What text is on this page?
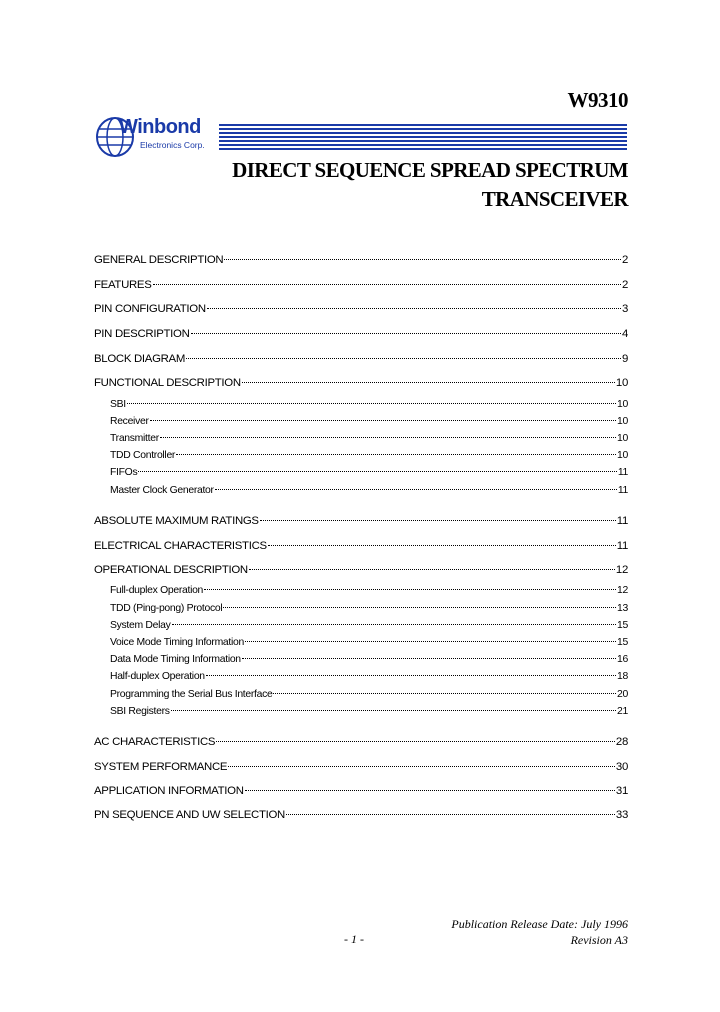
W9310
Winbond
Electronics Corp.
DIRECT SEQUENCE SPREAD SPECTRUM
TRANSCEIVER
GENERAL DESCRIPTION	2
FEATURES	2
PIN CONFIGURATION	3
PIN DESCRIPTION	4
BLOCK DIAGRAM	9
FUNCTIONAL DESCRIPTION	10
SBI	10
Receiver	10
Transmitter	10
TDD Controller	10
FIFOs	11
Master Clock Generator	11
ABSOLUTE MAXIMUM RATINGS	11
ELECTRICAL CHARACTERISTICS	11
OPERATIONAL DESCRIPTION	12
Full-duplex Operation	12
TDD (Ping-pong) Protocol	13
System Delay	15
Voice Mode Timing Information	15
Data Mode Timing Information	16
Half-duplex Operation	18
Programming the Serial Bus Interface	20
SBI Registers	21
AC CHARACTERISTICS	28
SYSTEM PERFORMANCE	30
APPLICATION INFORMATION	31
PN SEQUENCE AND UW SELECTION	33
Publication Release Date: July 1996
Revision A3
- 1 -
